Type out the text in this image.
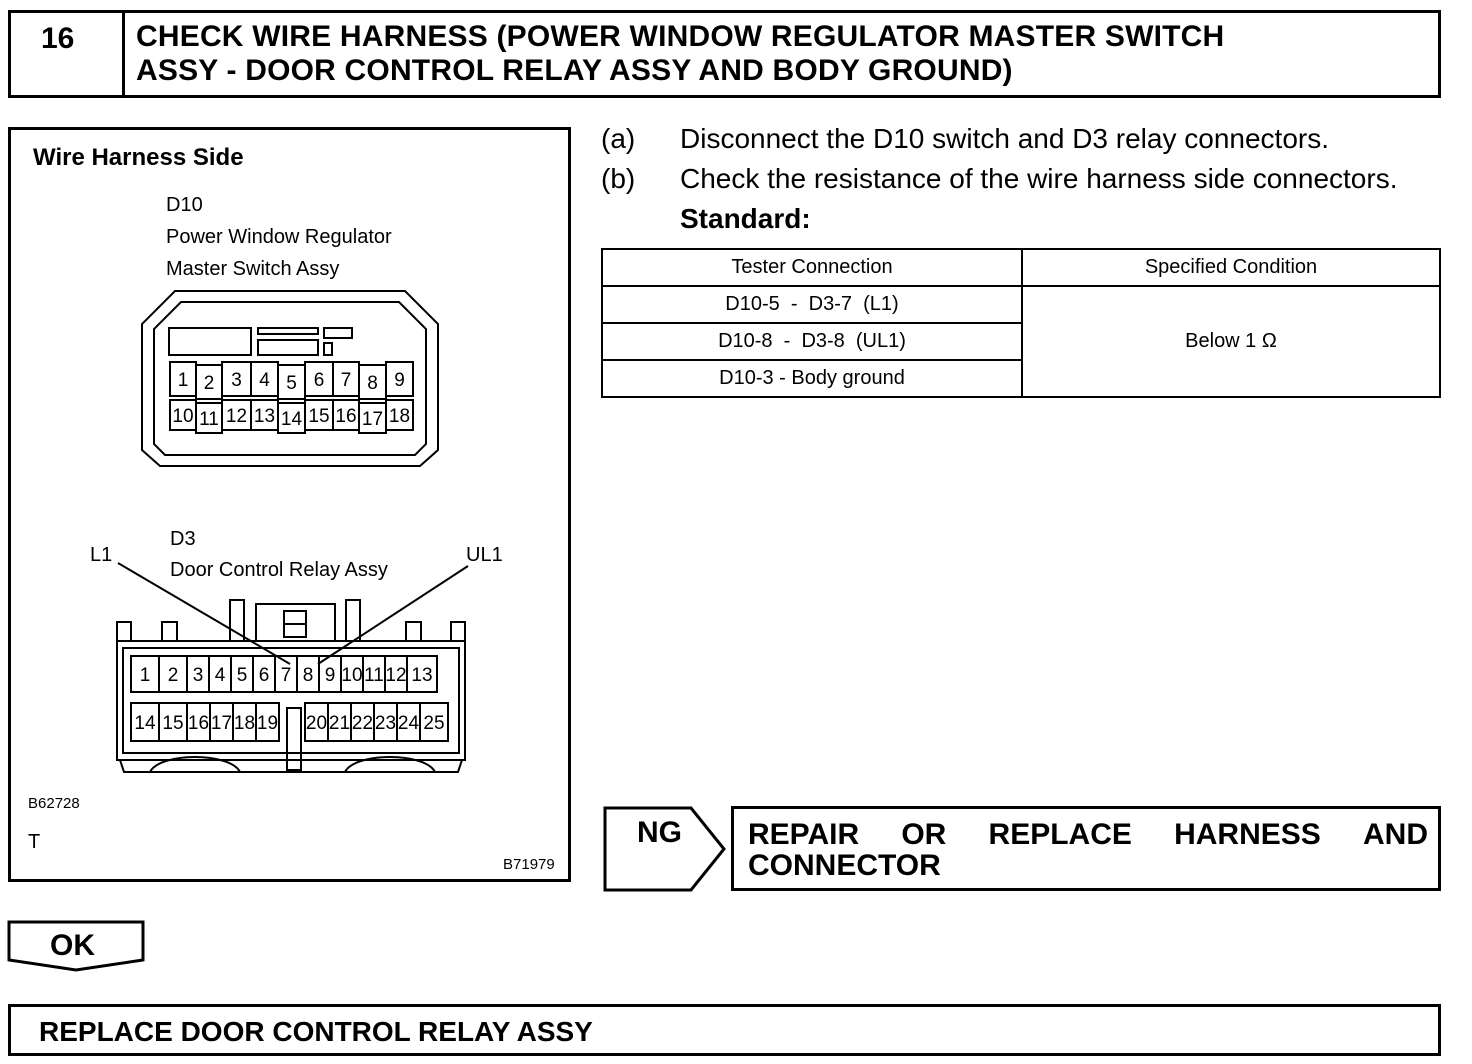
16 CHECK WIRE HARNESS (POWER WINDOW REGULATOR MASTER SWITCH
ASSY - DOOR CONTROL RELAY ASSY AND BODY GROUND)
Wire Harness Side
D10
Power Window Regulator
Master Switch Assy
1 2 3 4 5 6 7 8 9
10 11 12 13 14 15 16 17 18
D3
Door Control Relay Assy
L1	UL1
1 2 3 4 5 6 7 8 9 10 11 12 13
14 15 16 17 18 19 20 21 22 23 24 25
B62728
T
B71979
(a) Disconnect the D10 switch and D3 relay connectors.
(b) Check the resistance of the wire harness side connectors.
Standard:
Tester Connection	Specified Condition
D10-5  -  D3-7  (L1)	Below 1 Ω
D10-8  -  D3-8  (UL1)	
D10-3 - Body ground	
NG REPAIR OR REPLACE HARNESS AND
CONNECTOR
OK
REPLACE DOOR CONTROL RELAY ASSY
